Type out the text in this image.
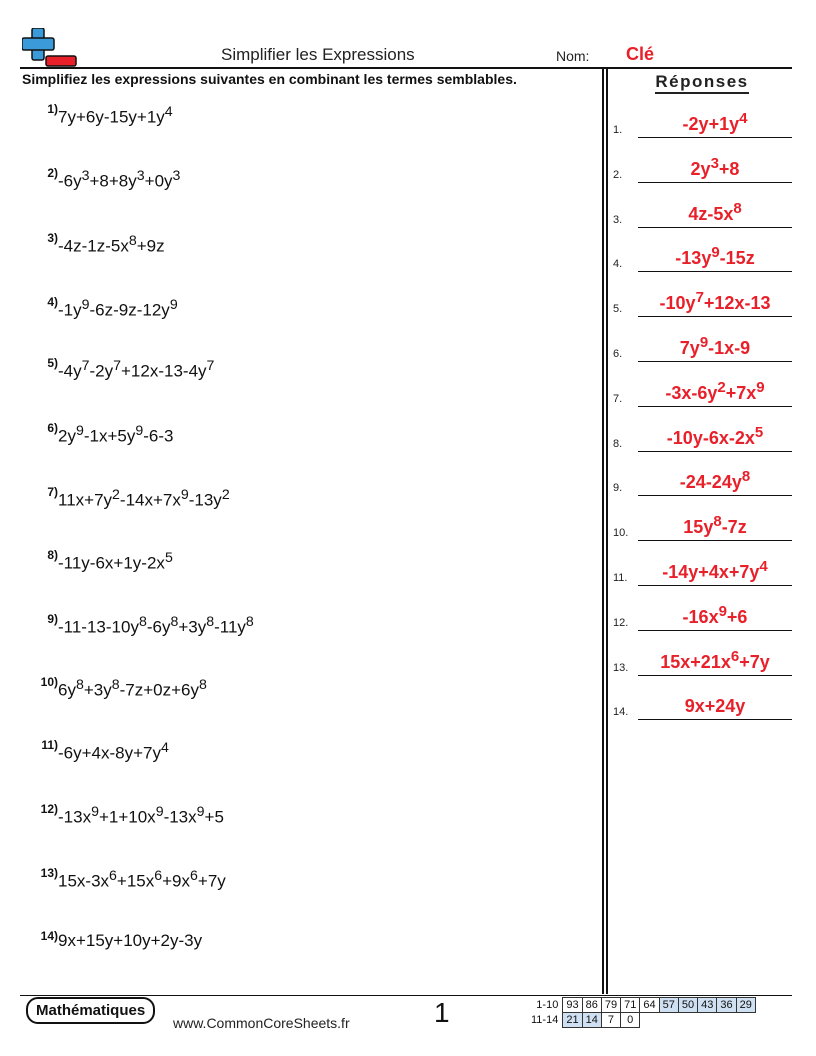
Simplifier les Expressions	Nom: Clé
Simplifiez les expressions suivantes en combinant les termes semblables.	Réponses
1) $7y+6y-15y+1y^4$
2) $-6y^3+8+8y^3+0y^3$
3) $-4z-1z-5x^8+9z$
4) $-1y^9-6z-9z-12y^9$
5) $-4y^7-2y^7+12x-13-4y^7$
6) $2y^9-1x+5y^9-6-3$
7) $11x+7y^2-14x+7x^9-13y^2$
8) $-11y-6x+1y-2x^5$
9) $-11-13-10y^8-6y^8+3y^8-11y^8$
10) $6y^8+3y^8-7z+0z+6y^8$
11) $-6y+4x-8y+7y^4$
12) $-13x^9+1+10x^9-13x^9+5$
13) $15x-3x^6+15x^6+9x^6+7y$
14) 9x+15y+10y+2y-3y
1.	$-2y+1y^4$
2.	$2y^3+8$
3.	$4z-5x^8$
4.	$-13y^9-15z$
5.	$-10y^7+12x-13$
6.	$7y^9-1x-9$
7.	$-3x-6y^2+7x^9$
8.	$-10y-6x-2x^5$
9.	$-24-24y^8$
10.	$15y^8-7z$
11.	$-14y+4x+7y^4$
12.	$-16x^9+6$
13.	$15x+21x^6+7y$
14.	9x+24y
Mathématiques
www.CommonCoreSheets.fr	1	1-10	93	86	79	71	64	57	50	43	36	29
11-14	21	14	7	0						
